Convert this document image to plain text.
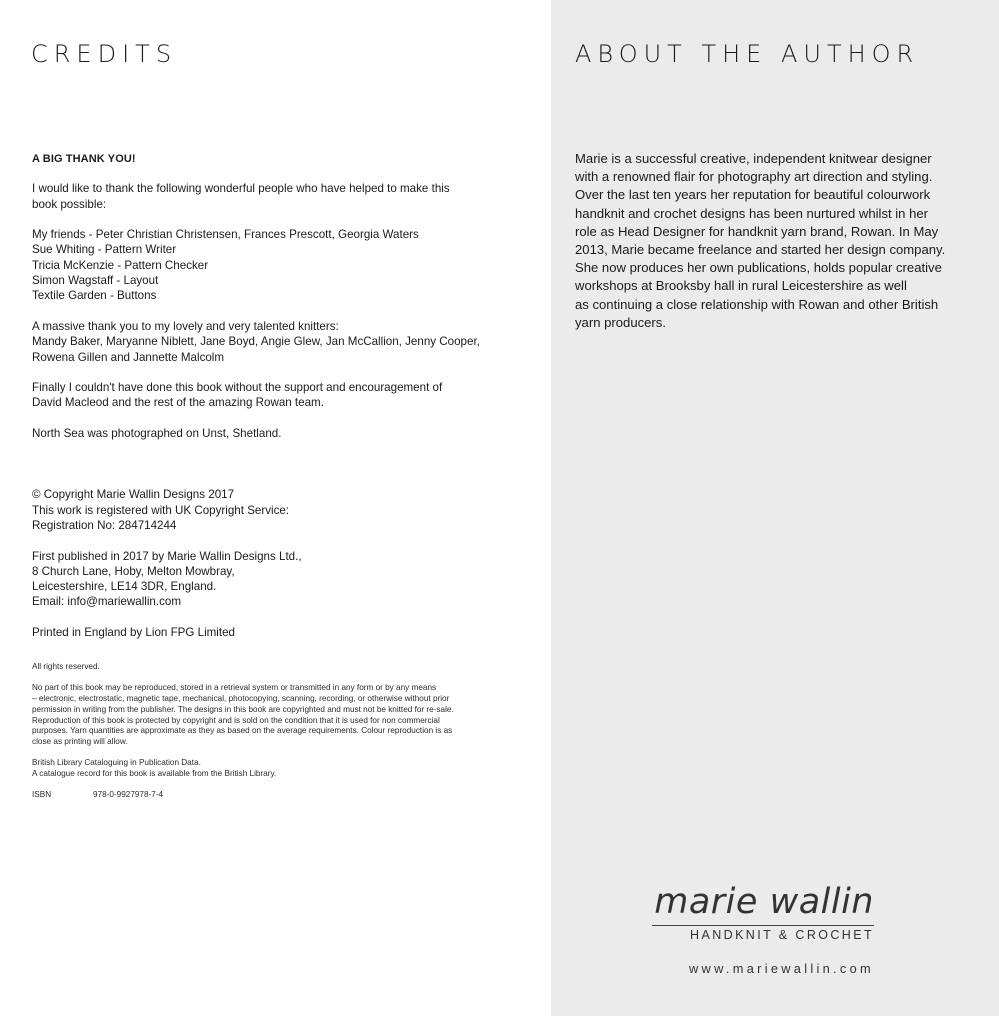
CREDITS

A BIG THANK YOU!

I would like to thank the following wonderful people who have helped to make this

book possible:

My friends - Peter Christian Christensen, Frances Prescott, Georgia Waters

Sue Whiting - Pattern Writer

Tricia McKenzie - Pattern Checker

Simon Wagstaff - Layout

Textile Garden - Buttons

A massive thank you to my lovely and very talented knitters:

Mandy Baker, Maryanne Niblett, Jane Boyd, Angie Glew, Jan McCallion, Jenny Cooper,

Rowena Gillen and Jannette Malcolm

Finally I couldn't have done this book without the support and encouragement of

David Macleod and the rest of the amazing Rowan team.

North Sea was photographed on Unst, Shetland.

© Copyright Marie Wallin Designs 2017

This work is registered with UK Copyright Service:

Registration No: 284714244

First published in 2017 by Marie Wallin Designs Ltd.,

8 Church Lane, Hoby, Melton Mowbray,

Leicestershire, LE14 3DR, England.

Email: info@mariewallin.com

Printed in England by Lion FPG Limited

All rights reserved.

No part of this book may be reproduced, stored in a retrieval system or transmitted in any form or by any means
– electronic, electrostatic, magnetic tape, mechanical, photocopying, scanning, recording, or otherwise without prior
permission in writing from the publisher. The designs in this book are copyrighted and must not be knitted for re-sale.
Reproduction of this book is protected by copyright and is sold on the condition that it is used for non commercial
purposes. Yarn quantities are approximate as they as based on the average requirements. Colour reproduction is as
close as printing will allow.

British Library Cataloguing in Publication Data.
A catalogue record for this book is available from the British Library.

ISBN	978-0-9927978-7-4
ABOUT THE AUTHOR

Marie is a successful creative, independent knitwear designer

with a renowned flair for photography art direction and styling.

Over the last ten years her reputation for beautiful colourwork

handknit and crochet designs has been nurtured whilst in her

role as Head Designer for handknit yarn brand, Rowan. In May

2013, Marie became freelance and started her design company.

She now produces her own publications, holds popular creative

workshops at Brooksby hall in rural Leicestershire as well

as continuing a close relationship with Rowan and other British

yarn producers.

marie wallin
HANDKNIT & CROCHET
www.mariewallin.com
